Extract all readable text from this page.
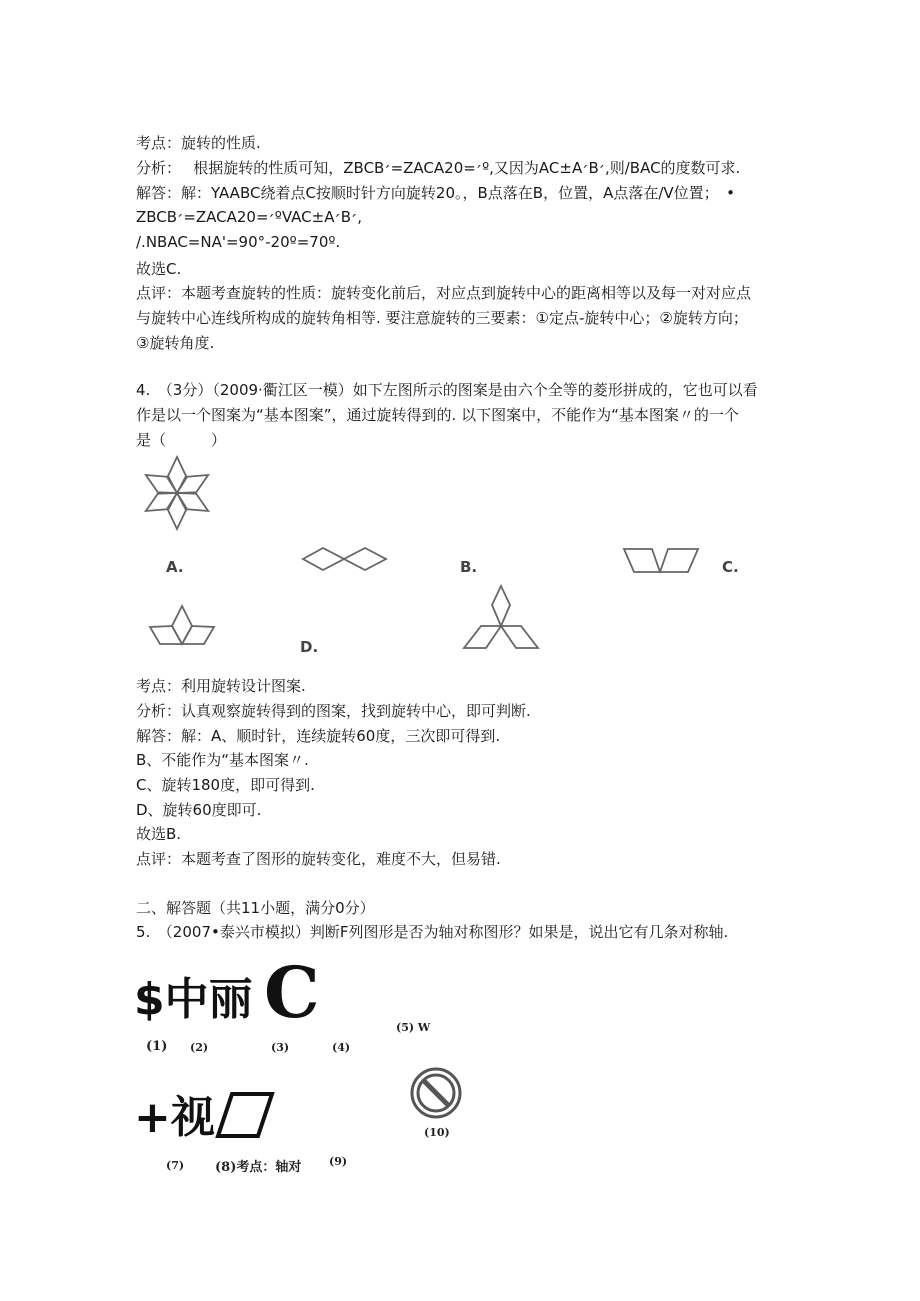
考点：旋转的性质.
分析：　 根据旋转的性质可知，ZBCB׳=ZACA׳=20º,又因为AC±A׳B׳,则/BAC的度数可求.
解答：解：YAABC绕着点C按顺时针方向旋转20。，B点落在B，位置，A点落在/V位置；　•
ZBCB׳=ZACA׳=20ºVAC±A׳B׳,
/.NBAC=NA'=90°-20º=70º.
故选C.
点评：本题考查旋转的性质：旋转变化前后，对应点到旋转中心的距离相等以及每一对对应点
与旋转中心连线所构成的旋转角相等. 要注意旋转的三要素：①定点-旋转中心；②旋转方向；
③旋转角度.
4.　（3分）（2009·衢江区一模）如下左图所示的图案是由六个全等的菱形拼成的，它也可以看
作是以一个图案为“基本图案”，通过旋转得到的. 以下图案中，不能作为“基本图案〃的一个
是（　　　）
A.	B.	C.
D.
考点：利用旋转设计图案.
分析：认真观察旋转得到的图案，找到旋转中心，即可判断.
解答：解：A、顺时针，连续旋转60度，三次即可得到.
B、不能作为“基本图案〃.
C、旋转180度，即可得到.
D、旋转60度即可.
故选B.
点评：本题考查了图形的旋转变化，难度不大，但易错.
二、解答题（共11小题，满分0分）
5.　（2007•泰兴市模拟）判断F列图形是否为轴对称图形？如果是，说出它有几条对称轴.
$中丽 C	(5) W
(1) (2)	(3)	(4)
+视	(10)
(7) (8)考点：轴对	(9)
